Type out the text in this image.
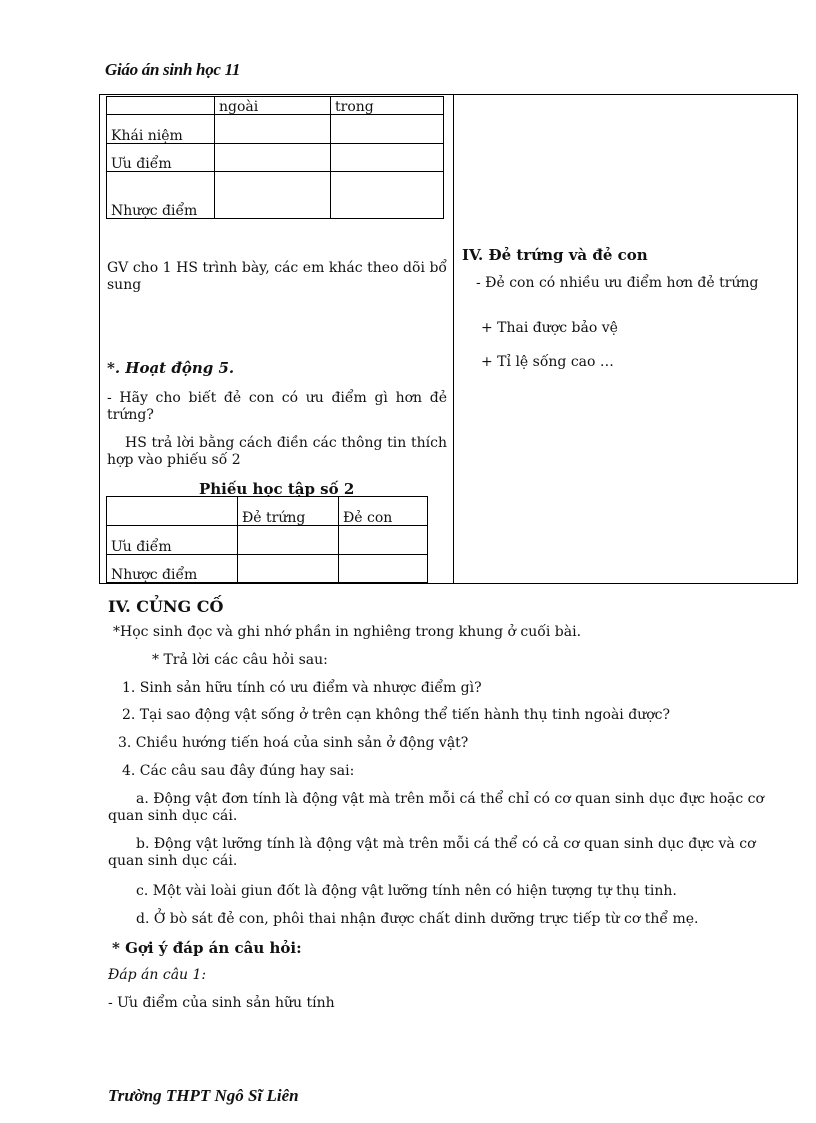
Giáo án sinh học 11
	ngoài	trong
Khái niệm		
Ưu điểm		
Nhược điểm		
GV cho 1 HS trình bày, các em khác theo dõi bổ sung
*. Hoạt động 5.
- Hãy cho biết đẻ con có ưu điểm gì hơn đẻ trứng?
HS trả lời bằng cách điền các thông tin thích hợp vào phiếu số 2
Phiếu học tập số 2
	Đẻ trứng	Đẻ con
Ưu điểm		
Nhược điểm		
IV. Đẻ trứng và đẻ con
- Đẻ con có nhiều ưu điểm hơn đẻ trứng
+ Thai được bảo vệ
+ Tỉ lệ sống cao …
IV. CỦNG CỐ
*Học sinh đọc và ghi nhớ phần in nghiêng trong khung ở cuối bài.
* Trả lời các câu hỏi sau:
1. Sinh sản hữu tính có ưu điểm và nhược điểm gì?
2. Tại sao động vật sống ở trên cạn không thể tiến hành thụ tinh ngoài được?
3. Chiều hướng tiến hoá của sinh sản ở động vật?
4. Các câu sau đây đúng hay sai:
a. Động vật đơn tính là động vật mà trên mỗi cá thể chỉ có cơ quan sinh dục đực hoặc cơ quan sinh dục cái.
b. Động vật lưỡng tính là động vật mà trên mỗi cá thể có cả cơ quan sinh dục đực và cơ quan sinh dục cái.
c. Một vài loài giun đốt là động vật lưỡng tính nên có hiện tượng tự thụ tinh.
d. Ở bò sát đẻ con, phôi thai nhận được chất dinh dưỡng trực tiếp từ cơ thể mẹ.
* Gợi ý đáp án câu hỏi:
Đáp án câu 1:
- Ưu điểm của sinh sản hữu tính
Trường THPT Ngô Sĩ Liên
